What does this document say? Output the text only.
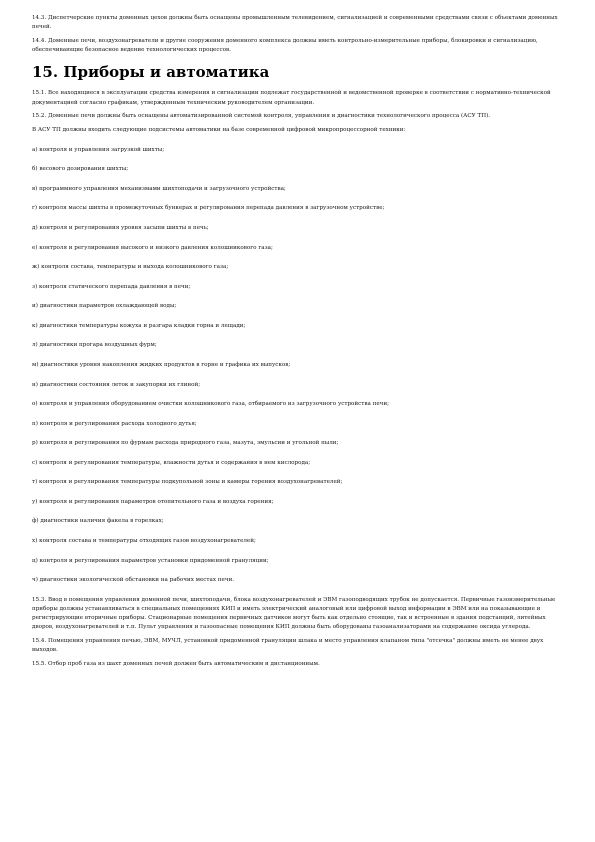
14.3. Диспетчерские пункты доменных цехов должны быть оснащены промышленным телевидением, сигнализацией и современными средствами связи с объектами доменных печей.

14.4. Доменные печи, воздухонагреватели и другие сооружения доменного комплекса должны иметь контрольно-измерительные приборы, блокировки и сигнализацию, обеспечивающие безопасное ведение технологических процессов.

15. Приборы и автоматика

15.1. Все находящиеся в эксплуатации средства измерения и сигнализации подлежат государственной и ведомственной проверке в соответствии с нормативно-технической документацией согласно графикам, утвержденным техническим руководителем организации.

15.2. Доменные печи должны быть оснащены автоматизированной системой контроля, управления и диагностики технологического процесса (АСУ ТП).

В АСУ ТП должны входить следующие подсистемы автоматики на базе современной цифровой микропроцессорной техники:

а) контроля и управления загрузкой шихты;

б) весового дозирования шихты;

в) программного управления механизмами шихтоподачи и загрузочного устройства;

г) контроля массы шихты в промежуточных бункерах и регулирования перепада давления в загрузочном устройстве;

д) контроля и регулирования уровня засыпи шихты в печь;

е) контроля и регулирования высокого и низкого давления колошникового газа;

ж) контроля состава, температуры и выхода колошникового газа;

з) контроля статического перепада давления в печи;

и) диагностики параметров охлаждающей воды;

к) диагностики температуры кожуха и разгара кладки горна и лещади;

л) диагностики прогара воздушных фурм;

м) диагностики уровня накопления жидких продуктов в горне и графика их выпусков;

н) диагностики состояния леток и закупорки их глиной;

о) контроля и управления оборудованием очистки колошникового газа, отбираемого из загрузочного устройства печи;

п) контроля и регулирования расхода холодного дутья;

р) контроля и регулирования по фурмам расхода природного газа, мазута, эмульсии и угольной пыли;

с) контроля и регулирования температуры, влажности дутья и содержания в нем кислорода;

т) контроля и регулирования температуры подкупольной зоны и камеры горения воздухонагревателей;

у) контроля и регулирования параметров отопительного газа и воздуха горения;

ф) диагностики наличия факела в горелках;

х) контроля состава и температуры отходящих газов воздухонагревателей;

ц) контроля и регулирования параметров установки придоменной грануляции;

ч) диагностики экологической обстановки на рабочих местах печи.

15.3. Ввод в помещения управления доменной печи, шихтоподачи, блока воздухонагревателей и ЭВМ газоподводящих трубок не допускается. Первичные газоизмерительные приборы должны устанавливаться в специальных помещениях КИП и иметь электрический аналоговый или цифровой выход информации в ЭВМ или на показывающие и регистрирующие вторичные приборы. Стационарные помещения первичных датчиков могут быть как отдельно стоящие, так и встроенные в здания подстанций, литейных дворов, воздухонагревателей и т.п. Пульт управления и газоопасные помещения КИП должны быть оборудованы газоанализаторами на содержание оксида углерода.

15.4. Помещения управления печью, ЭВМ, МУЧЛ, установкой придоменной грануляции шлака и место управления клапаном типа "отсечка" должны иметь не менее двух выходов.

15.5. Отбор проб газа из шахт доменных печей должен быть автоматическим и дистанционным.
